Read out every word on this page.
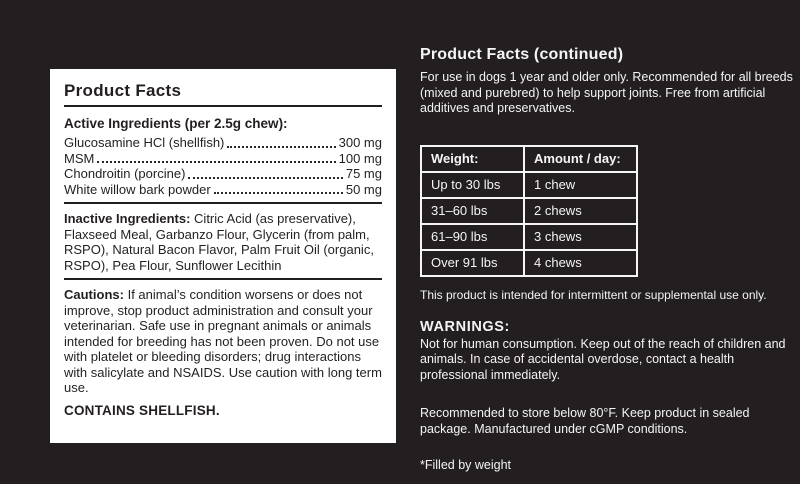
Product Facts
Active Ingredients (per 2.5g chew):
Glucosamine HCl (shellfish)	300 mg
MSM	100 mg
Chondroitin (porcine)	75 mg
White willow bark powder	50 mg

Inactive Ingredients: Citric Acid (as preservative), Flaxseed Meal, Garbanzo Flour, Glycerin (from palm, RSPO), Natural Bacon Flavor, Palm Fruit Oil (organic, RSPO), Pea Flour, Sunflower Lecithin

Cautions: If animal’s condition worsens or does not improve, stop product administration and consult your veterinarian. Safe use in pregnant animals or animals intended for breeding has not been proven. Do not use with platelet or bleeding disorders; drug interactions with salicylate and NSAIDS. Use caution with long term use.

CONTAINS SHELLFISH.
Product Facts (continued)

For use in dogs 1 year and older only. Recommended for all breeds (mixed and purebred) to help support joints. Free from artificial additives and preservatives.

Weight:	Amount / day:
Up to 30 lbs	1 chew
31–60 lbs	2 chews
61–90 lbs	3 chews
Over 91 lbs	4 chews

This product is intended for intermittent or supplemental use only.

WARNINGS:

Not for human consumption. Keep out of the reach of children and animals. In case of accidental overdose, contact a health professional immediately.

Recommended to store below 80°F. Keep product in sealed package. Manufactured under cGMP conditions.

*Filled by weight
